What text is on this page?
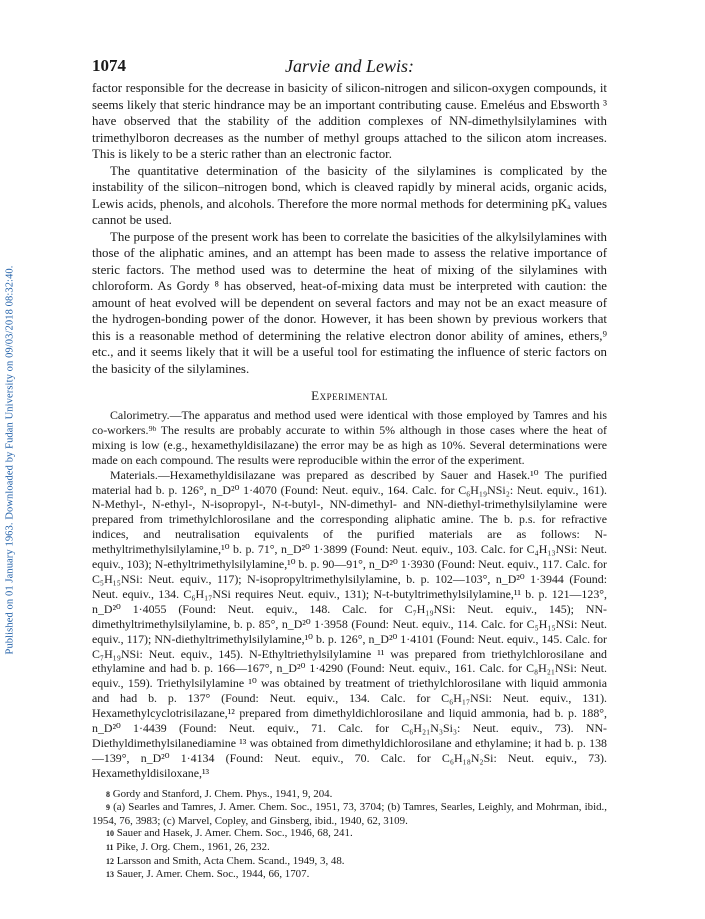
Published on 01 January 1963. Downloaded by Fudan University on 09/03/2018 08:32:40.
1074	Jarvie and Lewis:

factor responsible for the decrease in basicity of silicon-nitrogen and silicon-oxygen compounds, it seems likely that steric hindrance may be an important contributing cause. Emeléus and Ebsworth ³ have observed that the stability of the addition complexes of NN-dimethylsilylamines with trimethylboron decreases as the number of methyl groups attached to the silicon atom increases. This is likely to be a steric rather than an electronic factor.

The quantitative determination of the basicity of the silylamines is complicated by the instability of the silicon–nitrogen bond, which is cleaved rapidly by mineral acids, organic acids, Lewis acids, phenols, and alcohols. Therefore the more normal methods for determining pKₐ values cannot be used.

The purpose of the present work has been to correlate the basicities of the alkylsilylamines with those of the aliphatic amines, and an attempt has been made to assess the relative importance of steric factors. The method used was to determine the heat of mixing of the silylamines with chloroform. As Gordy ⁸ has observed, heat-of-mixing data must be interpreted with caution: the amount of heat evolved will be dependent on several factors and may not be an exact measure of the hydrogen-bonding power of the donor. However, it has been shown by previous workers that this is a reasonable method of determining the relative electron donor ability of amines, ethers,⁹ etc., and it seems likely that it will be a useful tool for estimating the influence of steric factors on the basicity of the silylamines.

Experimental

Calorimetry.—The apparatus and method used were identical with those employed by Tamres and his co-workers.⁹ᵇ The results are probably accurate to within 5% although in those cases where the heat of mixing is low (e.g., hexamethyldisilazane) the error may be as high as 10%. Several determinations were made on each compound. The results were reproducible within the error of the experiment.

Materials.—Hexamethyldisilazane was prepared as described by Sauer and Hasek.¹⁰ The purified material had b. p. 126°, n_D²⁰ 1·4070 (Found: Neut. equiv., 164. Calc. for C₆H₁₉NSi₂: Neut. equiv., 161). N-Methyl-, N-ethyl-, N-isopropyl-, N-t-butyl-, NN-dimethyl- and NN-diethyl-trimethylsilylamine were prepared from trimethylchlorosilane and the corresponding aliphatic amine. The b. p.s. for refractive indices, and neutralisation equivalents of the purified materials are as follows: N-methyltrimethylsilylamine,¹⁰ b. p. 71°, n_D²⁰ 1·3899 (Found: Neut. equiv., 103. Calc. for C₄H₁₃NSi: Neut. equiv., 103); N-ethyltrimethylsilylamine,¹⁰ b. p. 90—91°, n_D²⁰ 1·3930 (Found: Neut. equiv., 117. Calc. for C₅H₁₅NSi: Neut. equiv., 117); N-isopropyltrimethylsilylamine, b. p. 102—103°, n_D²⁰ 1·3944 (Found: Neut. equiv., 134. C₆H₁₇NSi requires Neut. equiv., 131); N-t-butyltrimethylsilylamine,¹¹ b. p. 121—123°, n_D²⁰ 1·4055 (Found: Neut. equiv., 148. Calc. for C₇H₁₉NSi: Neut. equiv., 145); NN-dimethyltrimethylsilylamine, b. p. 85°, n_D²⁰ 1·3958 (Found: Neut. equiv., 114. Calc. for C₅H₁₅NSi: Neut. equiv., 117); NN-diethyltrimethylsilylamine,¹⁰ b. p. 126°, n_D²⁰ 1·4101 (Found: Neut. equiv., 145. Calc. for C₇H₁₉NSi: Neut. equiv., 145). N-Ethyltriethylsilylamine ¹¹ was prepared from triethylchlorosilane and ethylamine and had b. p. 166—167°, n_D²⁰ 1·4290 (Found: Neut. equiv., 161. Calc. for C₈H₂₁NSi: Neut. equiv., 159). Triethylsilylamine ¹⁰ was obtained by treatment of triethylchlorosilane with liquid ammonia and had b. p. 137° (Found: Neut. equiv., 134. Calc. for C₆H₁₇NSi: Neut. equiv., 131). Hexamethylcyclotrisilazane,¹² prepared from dimethyldichlorosilane and liquid ammonia, had b. p. 188°, n_D²⁰ 1·4439 (Found: Neut. equiv., 71. Calc. for C₆H₂₁N₃Si₃: Neut. equiv., 73). NN-Diethyldimethylsilanediamine ¹³ was obtained from dimethyldichlorosilane and ethylamine; it had b. p. 138—139°, n_D²⁰ 1·4134 (Found: Neut. equiv., 70. Calc. for C₆H₁₈N₂Si: Neut. equiv., 73). Hexamethyldisiloxane,¹³

8 Gordy and Stanford, J. Chem. Phys., 1941, 9, 204.

9 (a) Searles and Tamres, J. Amer. Chem. Soc., 1951, 73, 3704; (b) Tamres, Searles, Leighly, and Mohrman, ibid., 1954, 76, 3983; (c) Marvel, Copley, and Ginsberg, ibid., 1940, 62, 3109.

10 Sauer and Hasek, J. Amer. Chem. Soc., 1946, 68, 241.

11 Pike, J. Org. Chem., 1961, 26, 232.

12 Larsson and Smith, Acta Chem. Scand., 1949, 3, 48.

13 Sauer, J. Amer. Chem. Soc., 1944, 66, 1707.
